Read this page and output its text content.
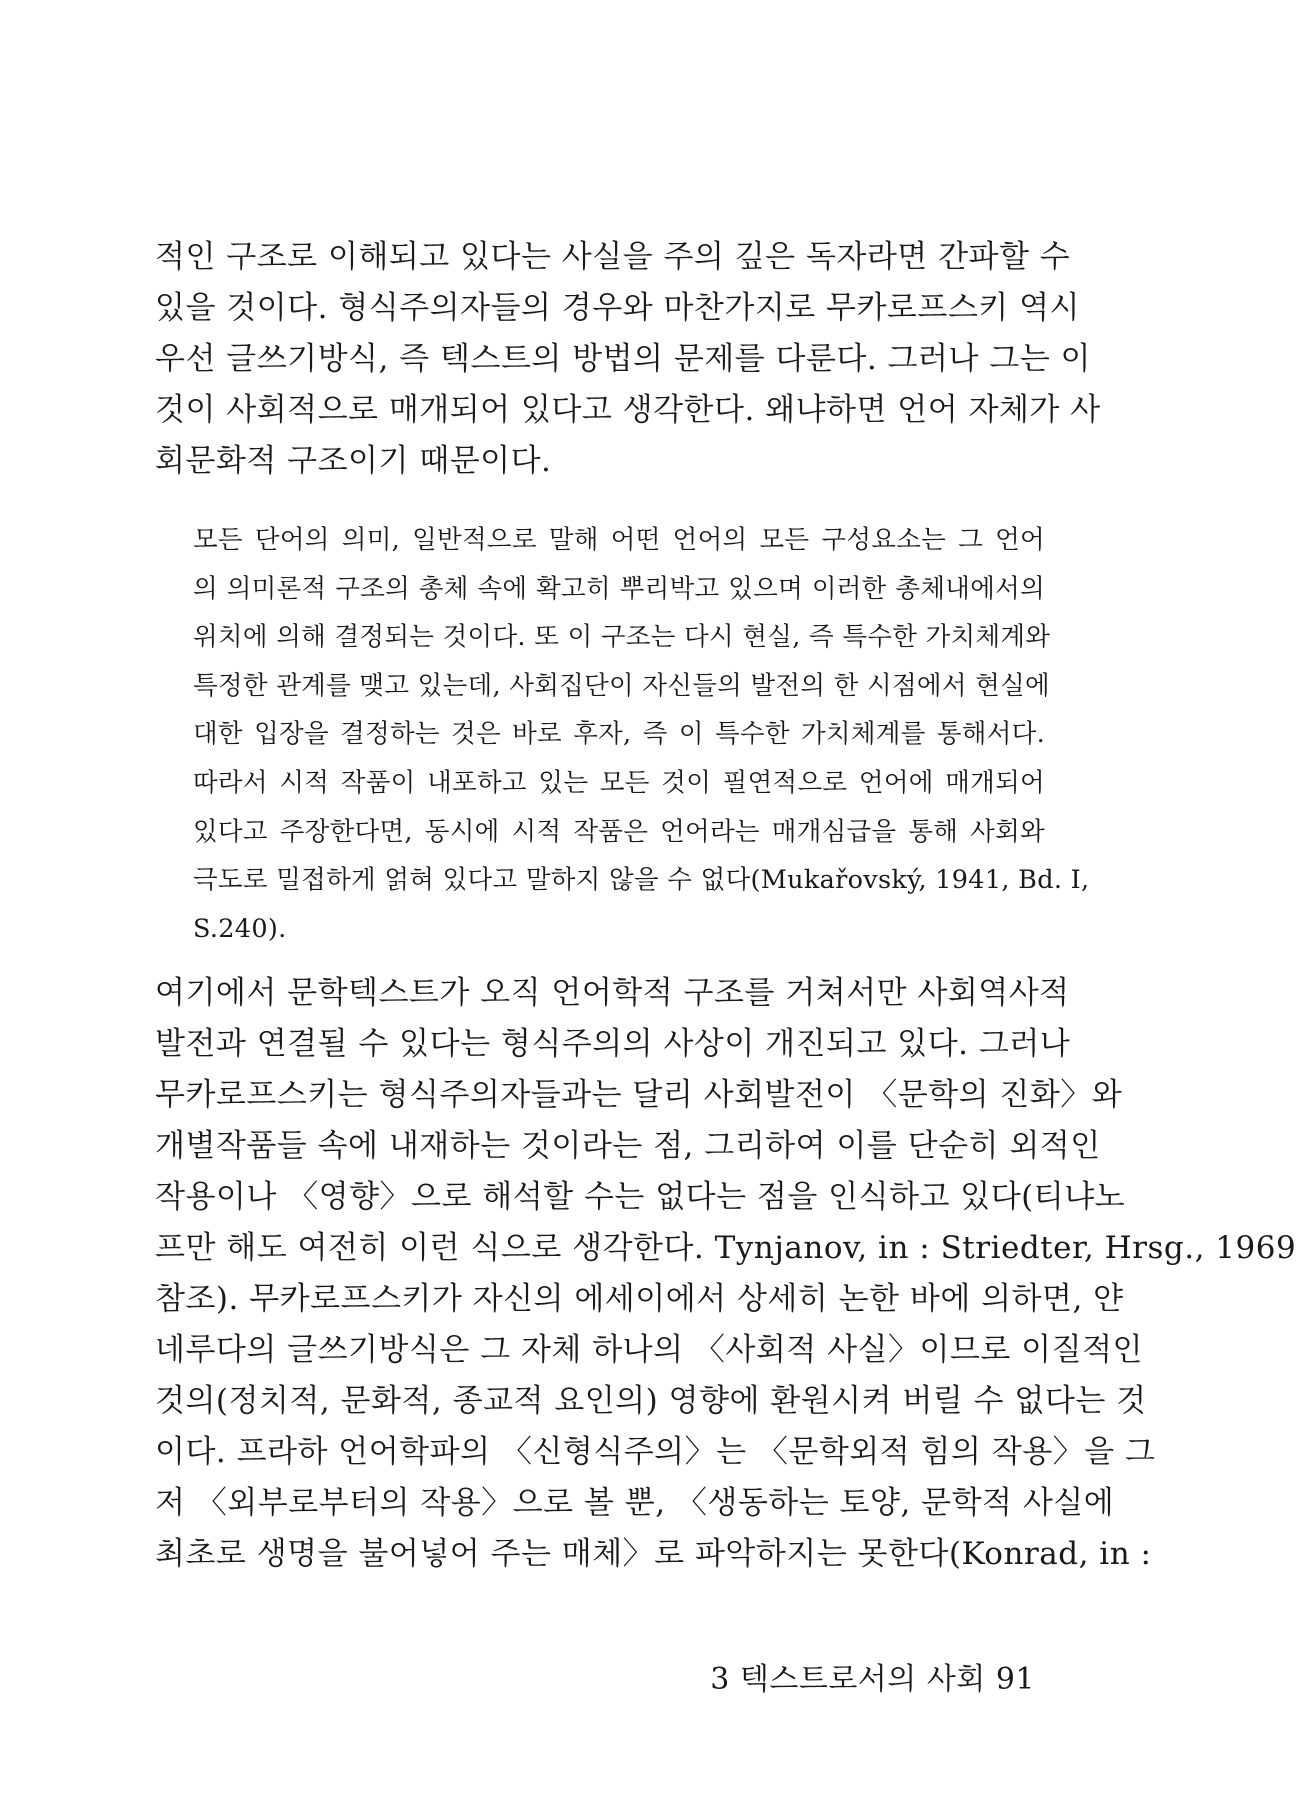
적인 구조로 이해되고 있다는 사실을 주의 깊은 독자라면 간파할 수
있을 것이다. 형식주의자들의 경우와 마찬가지로 무카로프스키 역시
우선 글쓰기방식, 즉 텍스트의 방법의 문제를 다룬다. 그러나 그는 이
것이 사회적으로 매개되어 있다고 생각한다. 왜냐하면 언어 자체가 사
회문화적 구조이기 때문이다.
모든 단어의 의미, 일반적으로 말해 어떤 언어의 모든 구성요소는 그 언어
의 의미론적 구조의 총체 속에 확고히 뿌리박고 있으며 이러한 총체내에서의
위치에 의해 결정되는 것이다. 또 이 구조는 다시 현실, 즉 특수한 가치체계와
특정한 관계를 맺고 있는데, 사회집단이 자신들의 발전의 한 시점에서 현실에
대한 입장을 결정하는 것은 바로 후자, 즉 이 특수한 가치체계를 통해서다.
따라서 시적 작품이 내포하고 있는 모든 것이 필연적으로 언어에 매개되어
있다고 주장한다면, 동시에 시적 작품은 언어라는 매개심급을 통해 사회와
극도로 밀접하게 얽혀 있다고 말하지 않을 수 없다(Mukařovský, 1941, Bd. I,
S.240).
여기에서 문학텍스트가 오직 언어학적 구조를 거쳐서만 사회역사적
발전과 연결될 수 있다는 형식주의의 사상이 개진되고 있다. 그러나
무카로프스키는 형식주의자들과는 달리 사회발전이 〈문학의 진화〉와
개별작품들 속에 내재하는 것이라는 점, 그리하여 이를 단순히 외적인
작용이나 〈영향〉으로 해석할 수는 없다는 점을 인식하고 있다(티냐노
프만 해도 여전히 이런 식으로 생각한다. Tynjanov, in : Striedter, Hrsg., 1969
참조). 무카로프스키가 자신의 에세이에서 상세히 논한 바에 의하면, 얀
네루다의 글쓰기방식은 그 자체 하나의 〈사회적 사실〉이므로 이질적인
것의(정치적, 문화적, 종교적 요인의) 영향에 환원시켜 버릴 수 없다는 것
이다. 프라하 언어학파의 〈신형식주의〉는 〈문학외적 힘의 작용〉을 그
저 〈외부로부터의 작용〉으로 볼 뿐, 〈생동하는 토양, 문학적 사실에
최초로 생명을 불어넣어 주는 매체〉로 파악하지는 못한다(Konrad, in :
3 텍스트로서의 사회 91
